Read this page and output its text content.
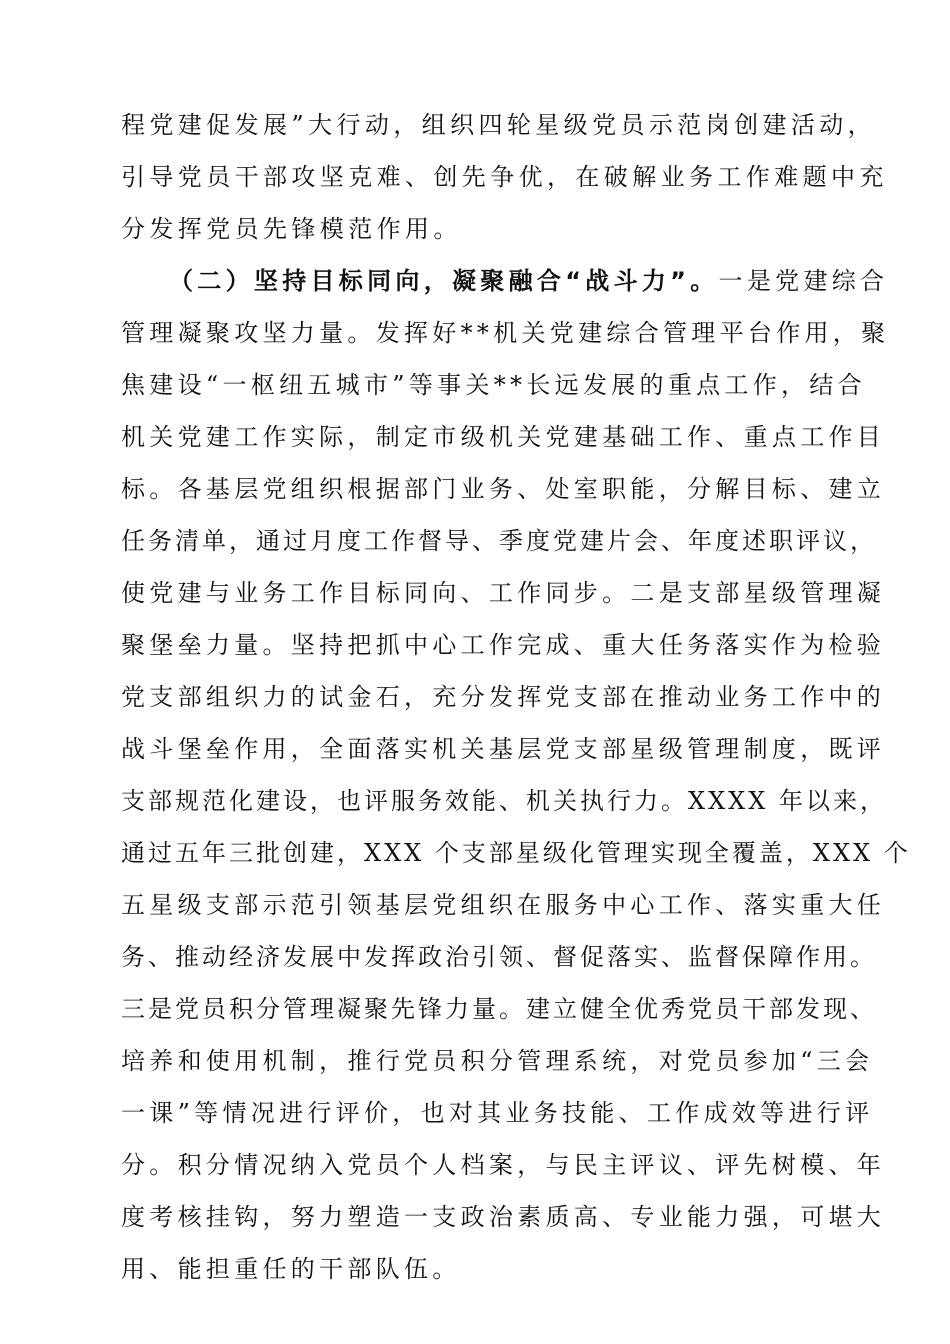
程党建促发展”大行动，组织四轮星级党员示范岗创建活动，
引导党员干部攻坚克难、创先争优，在破解业务工作难题中充
分发挥党员先锋模范作用。
（二）坚持目标同向，凝聚融合“战斗力”。一是党建综合
管理凝聚攻坚力量。发挥好**机关党建综合管理平台作用，聚
焦建设“一枢纽五城市”等事关**长远发展的重点工作，结合
机关党建工作实际，制定市级机关党建基础工作、重点工作目
标。各基层党组织根据部门业务、处室职能，分解目标、建立
任务清单，通过月度工作督导、季度党建片会、年度述职评议，
使党建与业务工作目标同向、工作同步。二是支部星级管理凝
聚堡垒力量。坚持把抓中心工作完成、重大任务落实作为检验
党支部组织力的试金石，充分发挥党支部在推动业务工作中的
战斗堡垒作用，全面落实机关基层党支部星级管理制度，既评
支部规范化建设，也评服务效能、机关执行力。XXXX 年以来，
通过五年三批创建，XXX 个支部星级化管理实现全覆盖，XXX 个
五星级支部示范引领基层党组织在服务中心工作、落实重大任
务、推动经济发展中发挥政治引领、督促落实、监督保障作用。
三是党员积分管理凝聚先锋力量。建立健全优秀党员干部发现、
培养和使用机制，推行党员积分管理系统，对党员参加“三会
一课”等情况进行评价，也对其业务技能、工作成效等进行评
分。积分情况纳入党员个人档案，与民主评议、评先树模、年
度考核挂钩，努力塑造一支政治素质高、专业能力强，可堪大
用、能担重任的干部队伍。
